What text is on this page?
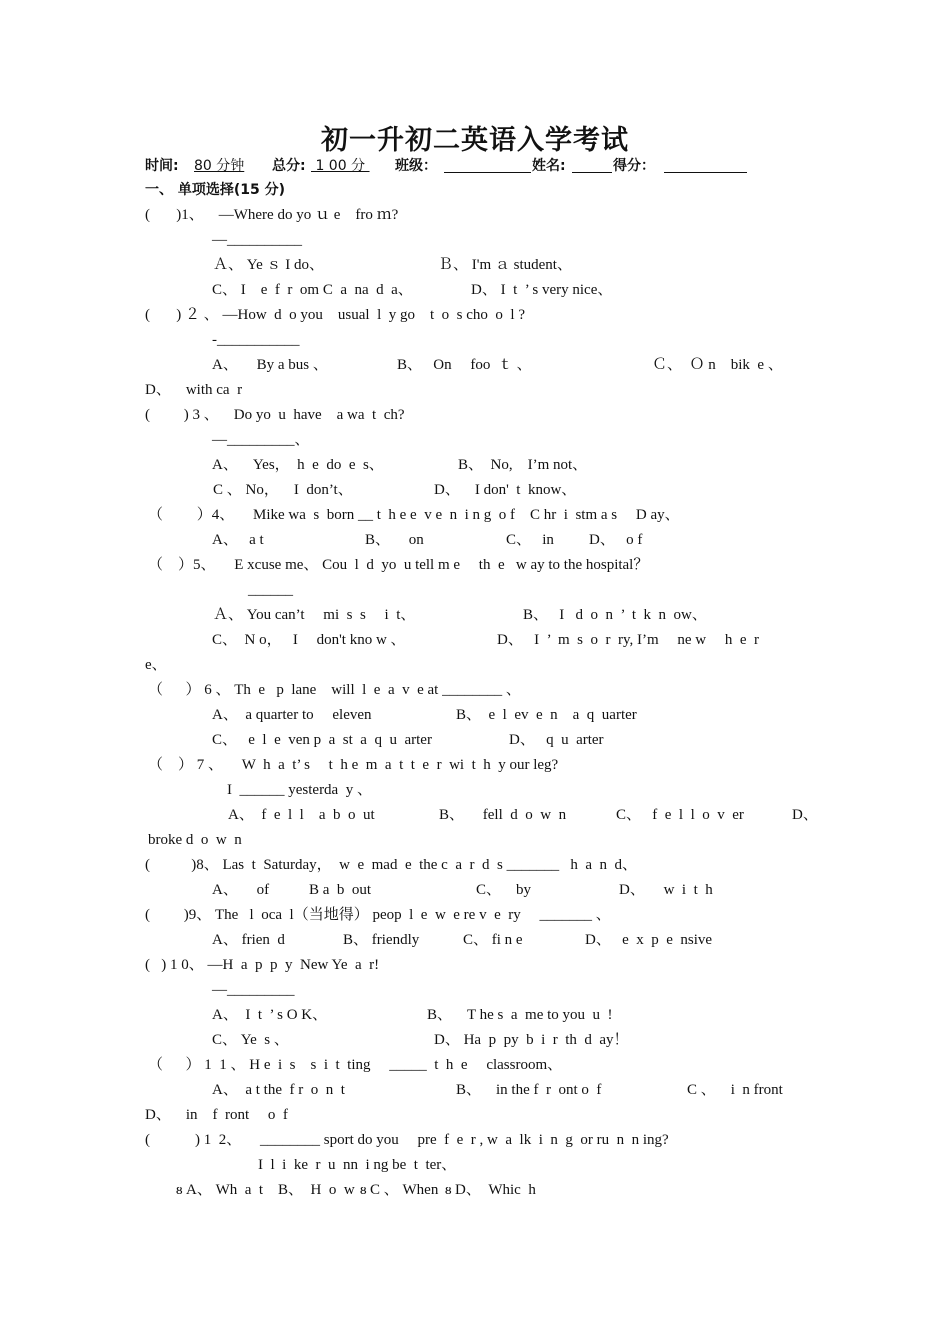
初一升初二英语入学考试
时间: 80 分钟 总分: 1 00 分 班级：	姓名:	得分：
一、 单项选择(15 分)
(       )1、    —Where do yo ｕ e    fro ｍ?
—__________
Ａ、 Ye ｓ I do、	Ｂ、 I'm ａ student、
C、 I    e  f  r  om C  a  na  d  a、	D、 I  t  ’ s very nice、
(       ) ２ 、 —How  d  o you    usual  l  y go    t  o  s cho  o  l ?
-___________
A、     By a bus 、	B、   On     foo  ｔ 、	Ｃ、  Ｏ n    bik  e 、
D、    with ca  r
(         ) 3 、    Do yo  u  have    a wa  t  ch?
—_________、
A、    Yes，  h  e  do  e  s、	B、  No,    I’m not、
C 、 No，    I  don’t、	D、    I don'  t  know、
（         ）4、     Mike wa  s  born __ t  h e e  v e  n  i n g  o f    C hr  i  stm a s     D ay、
A、   a t	B、     on	C、   in D、   o f
（    ）5、     E xcuse me、 Cou  l  d  yo  u tell m e     th  e   w ay to the hospital？
______
Ａ、 You can’t     mi  s  s     i  t、	B、   I   d  o  n  ’  t  k  n  ow、
C、  N o，   I     don't kno w 、	D、   I  ’  m  s  o  r  ry, I’m     ne w     h  e  r
e、
（      ） 6 、 Th  e   p  lane    will  l  e  a  v  e at ________ 、
A、  a quarter to     eleven	B、  e  l  ev  e  n    a  q  uarter
C、   e  l  e  ven p  a  st  a  q  u  arter	D、   q  u  arter
（    ） 7 、     W  h  a  t’ s     t  h e  m  a  t  t  e  r  wi  t  h  y our leg?
I  ______ yesterda  y 、
A、  f  e  l  l    a  b  o  ut	B、     fell  d  o  w  n	C、   f  e  l  l  o  v  er	D、
broke d  o  w  n
(           )8、 Las  t  Saturday，  w  e  mad  e  the c  a  r  d  s _______   h  a  n  d、
A、     of	B a  b  out	C、    by	D、     w  i  t  h
(         )9、 The   l  oca  l（当地得） peop  l  e  w  e re v  e  ry     _______ 、
A、 frien  d	B、 friendly	C、 fi n e	D、   e  x  p  e  nsive
(   ) 1 0、 —H  a  p  p  y  New Ye  a  r!
—_________
A、  I  t  ’ s O K、	B、    T he s  a  me to you  u  !
C、 Ye  s 、	D、 Ha  p  py  b  i  r  th  d  ay！
（      ） 1  1 、 H e  i  s    s  i  t  ting     _____  t  h  e     classroom、
A、  a t the  f r  o  n  t	B、    in the f  r  ont o  f	C 、    i  n front
D、    in    f  ront     o  f
(            ) 1  2、     ________ sport do you     pre  f  e  r , w  a  lk  i  n  g  or ru  n  n ing?
I  l  i  ke  r  u  nn  i ng be  t  ter、
ᴕ A、 Wh  a  t B、  H  o  w ᴕ C 、 When ᴕ D、  Whic  h
